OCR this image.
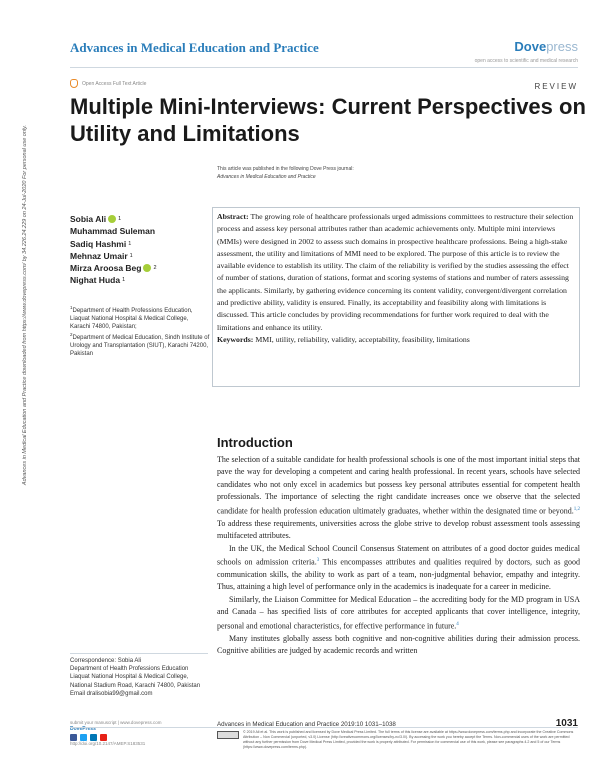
Advances in Medical Education and Practice	Dovepress
open access to scientific and medical research
Open Access Full Text Article	REVIEW
Multiple Mini-Interviews: Current Perspectives on Utility and Limitations
This article was published in the following Dove Press journal:
Advances in Medical Education and Practice
Advances in Medical Education and Practice downloaded from https://www.dovepress.com/ by 34.226.24.229 on 24-Jul-2020 For personal use only.	Sobia Ali 1
Muhammad Suleman
Sadiq Hashmi 1
Mehnaz Umair 1
Mirza Aroosa Beg 2
Nighat Huda 1
$^1$Department of Health Professions Education, Liaquat National Hospital & Medical College, Karachi 74800, Pakistan;
$^2$Department of Medical Education, Sindh Institute of Urology and Transplantation (SIUT), Karachi 74200, Pakistan

Abstract: The growing role of healthcare professionals urged admissions committees to restructure their selection process and assess key personal attributes rather than academic achievements only. Multiple mini interviews (MMIs) were designed in 2002 to assess such domains in prospective healthcare professions. Being a high-stake assessment, the utility and limitations of MMI need to be explored. The purpose of this article is to review the available evidence to establish its utility. The claim of the reliability is verified by the studies assessing the effect of number of stations, duration of stations, format and scoring systems of stations and number of raters assessing the applicants. Similarly, by gathering evidence concerning its content validity, convergent/divergent correlation and predictive ability, validity is ensured. Finally, its acceptability and feasibility along with limitations is discussed. This article concludes by providing recommendations for further work required to deal with the limitations and enhance its utility.

Keywords: MMI, utility, reliability, validity, acceptability, feasibility, limitations

Introduction

The selection of a suitable candidate for health professional schools is one of the most important initial steps that pave the way for developing a competent and caring health professional. In recent years, schools have selected candidates who not only excel in academics but possess key personal attributes essential for competent health professionals. The importance of selecting the right candidate increases once we observe that the selected candidate for health profession education ultimately graduates, whether within the designated time or beyond.$^{1,2}$ To address these requirements, universities across the globe strive to develop robust assessment tools assessing multifaceted attributes.

In the UK, the Medical School Council Consensus Statement on attributes of a good doctor guides medical schools on admission criteria.$^3$ This encompasses attributes and qualities required by doctors, such as good communication skills, the ability to work as part of a team, non-judgmental behavior, empathy and integrity. Thus, attaining a high level of performance only in the academics is inadequate for a career in medicine.

Similarly, the Liaison Committee for Medical Education – the accrediting body for the MD program in USA and Canada – has specified lists of core attributes for accepted applicants that cover intelligence, integrity, personal and emotional characteristics, for effective performance in future.$^4$

Many institutes globally assess both cognitive and non-cognitive abilities during their admission process. Cognitive abilities are judged by academic records and written

Correspondence: Sobia Ali
Department of Health Professions Education
Liaquat National Hospital & Medical College, National Stadium Road, Karachi 74800, Pakistan
Email dralisobia99@gmail.com
submit your manuscript | www.dovepress.com
DovePress
http://doi.org/10.2147/AMEP.S183531
Advances in Medical Education and Practice 2019:10 1031–1038	1031
© 2019 Ali et al. This work is published and licensed by Dove Medical Press Limited. The full terms of this license are available at https://www.dovepress.com/terms.php and incorporate the Creative Commons Attribution – Non Commercial (unported, v3.0) License (http://creativecommons.org/licenses/by-nc/3.0/). By accessing the work you hereby accept the Terms. Non-commercial uses of the work are permitted without any further permission from Dove Medical Press Limited, provided the work is properly attributed. For permission for commercial use of this work, please see paragraphs 4.2 and 5 of our Terms (https://www.dovepress.com/terms.php).
